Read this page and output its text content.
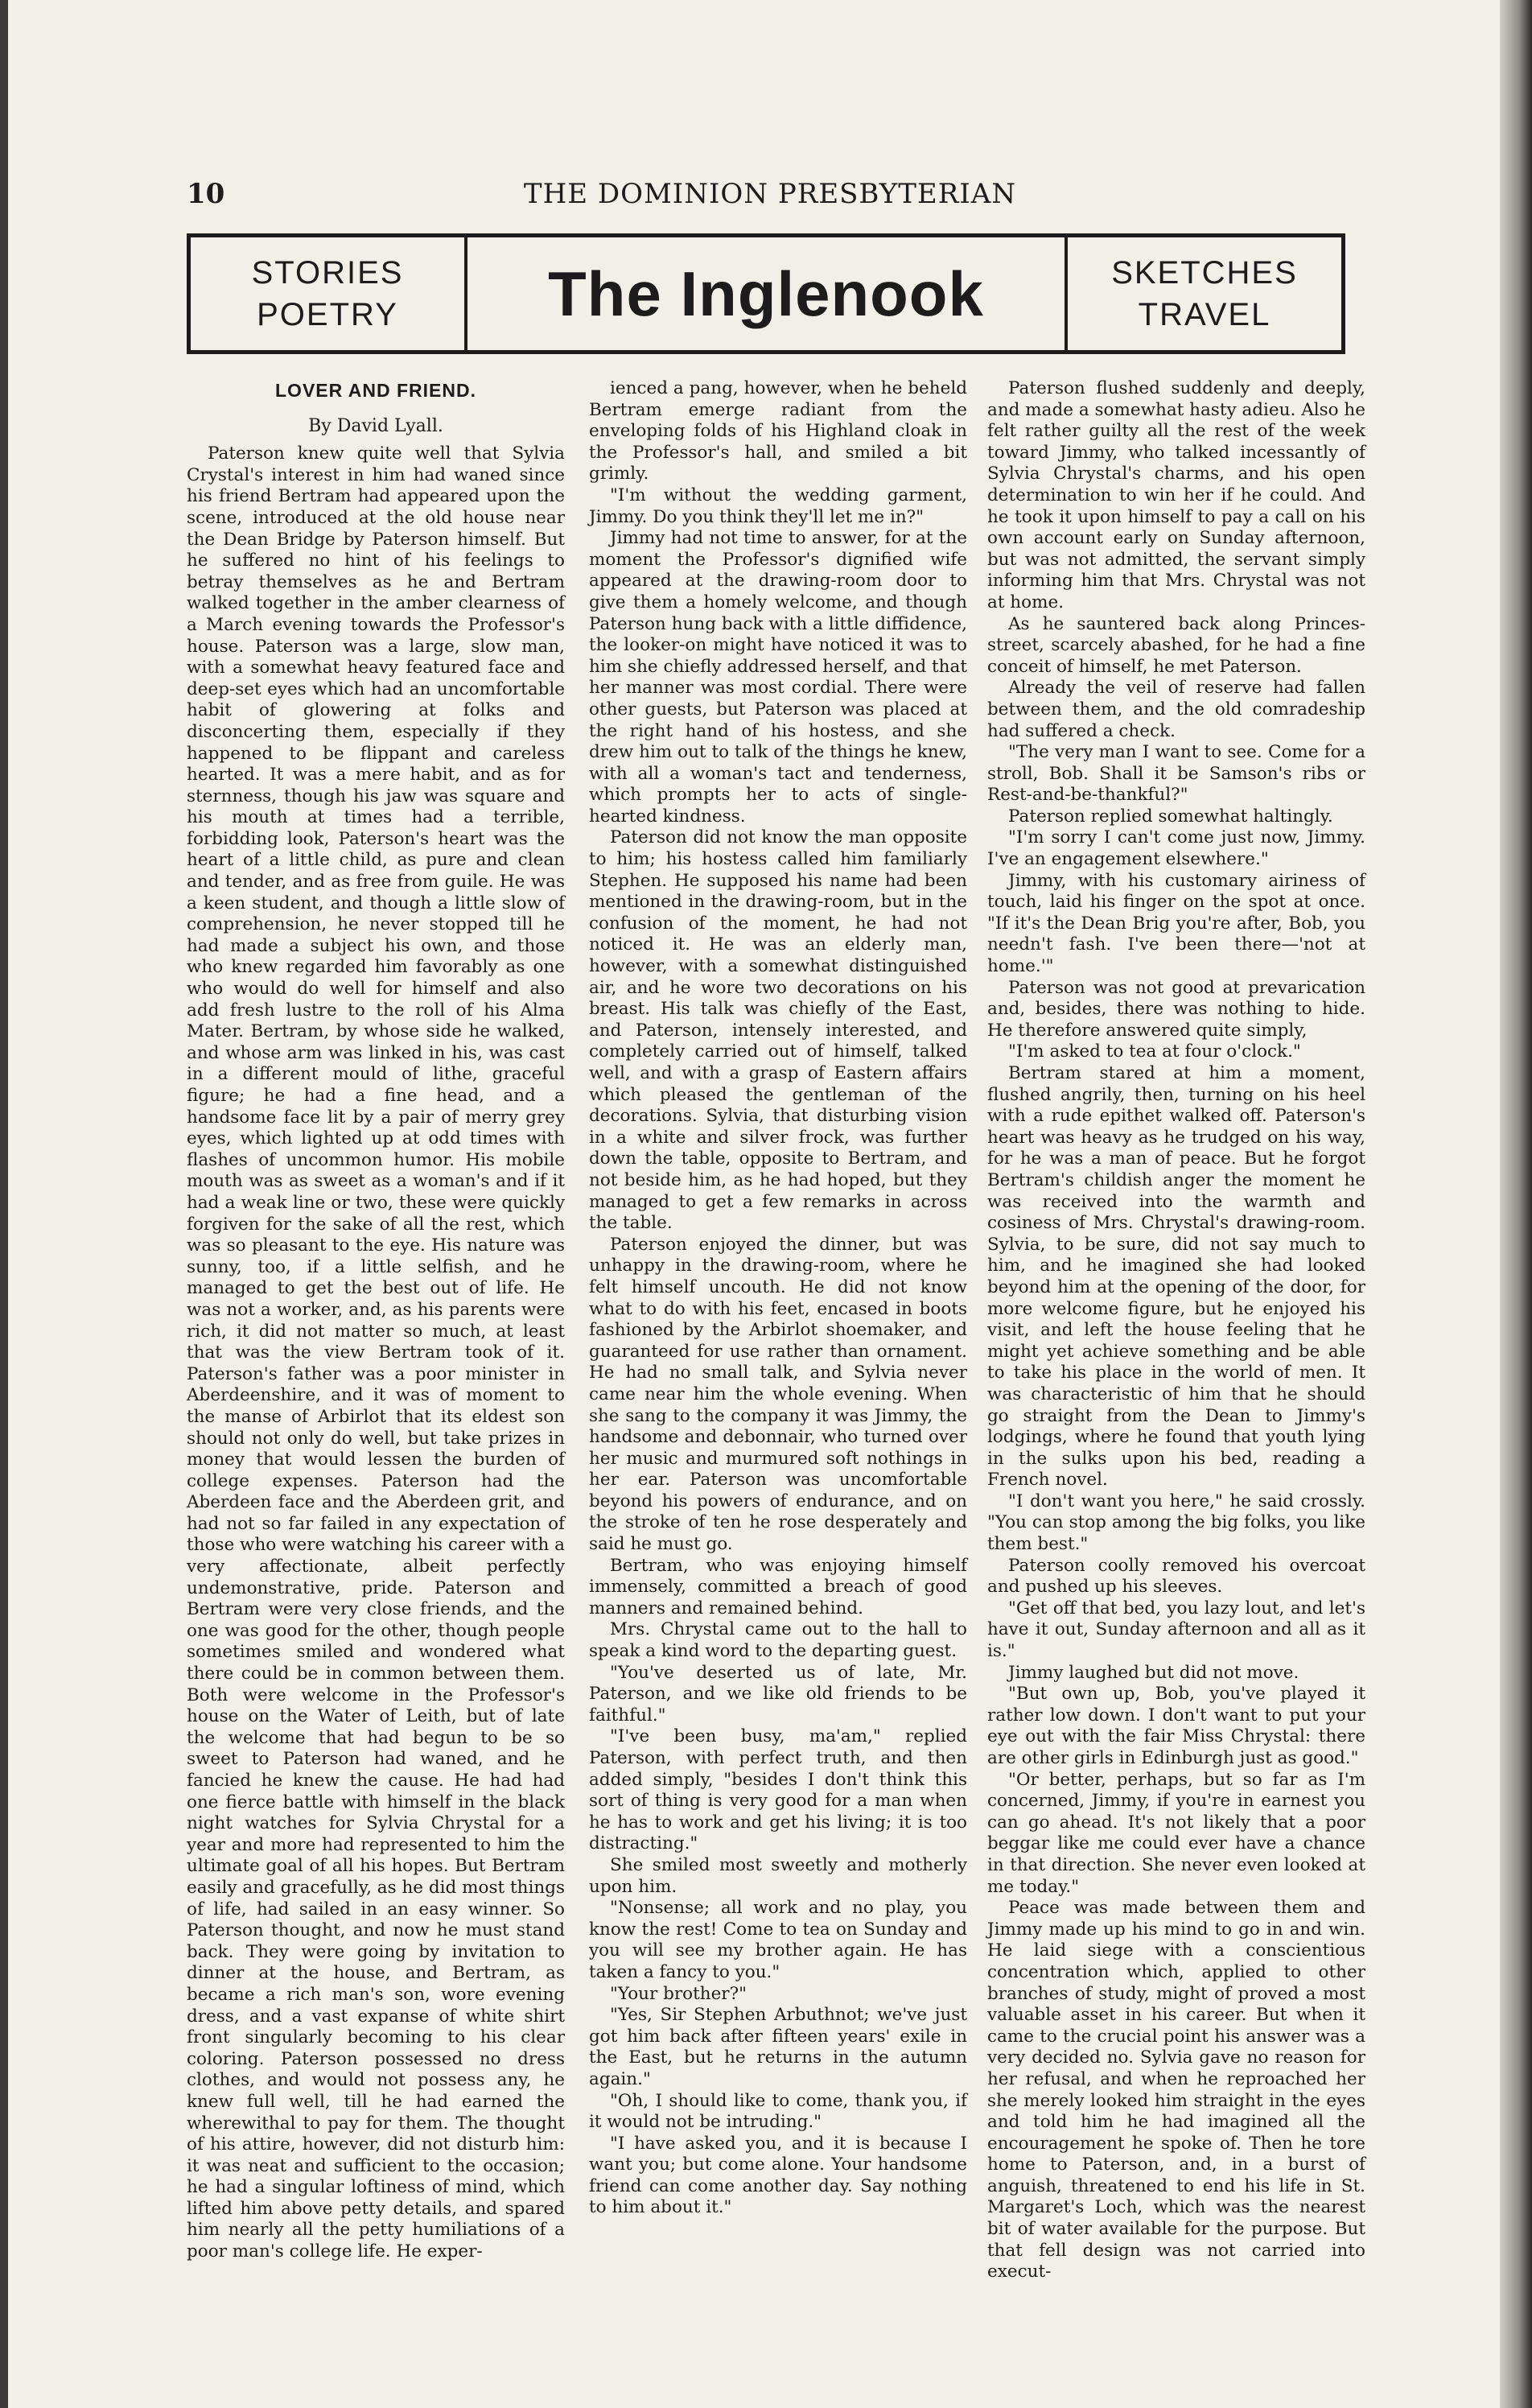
10	THE DOMINION PRESBYTERIAN
STORIES
POETRY	The Inglenook	SKETCHES
TRAVEL
LOVER AND FRIEND.
By David Lyall.

Paterson knew quite well that Sylvia Crystal's interest in him had waned since his friend Bertram had appeared upon the scene, introduced at the old house near the Dean Bridge by Paterson himself. But he suffered no hint of his feelings to betray themselves as he and Bertram walked together in the amber clearness of a March evening towards the Professor's house. Paterson was a large, slow man, with a somewhat heavy featured face and deep-set eyes which had an uncomfortable habit of glowering at folks and disconcerting them, especially if they happened to be flippant and careless hearted. It was a mere habit, and as for sternness, though his jaw was square and his mouth at times had a terrible, forbidding look, Paterson's heart was the heart of a little child, as pure and clean and tender, and as free from guile. He was a keen student, and though a little slow of comprehension, he never stopped till he had made a subject his own, and those who knew regarded him favorably as one who would do well for himself and also add fresh lustre to the roll of his Alma Mater. Bertram, by whose side he walked, and whose arm was linked in his, was cast in a different mould of lithe, graceful figure; he had a fine head, and a handsome face lit by a pair of merry grey eyes, which lighted up at odd times with flashes of uncommon humor. His mobile mouth was as sweet as a woman's and if it had a weak line or two, these were quickly forgiven for the sake of all the rest, which was so pleasant to the eye. His nature was sunny, too, if a little selfish, and he managed to get the best out of life. He was not a worker, and, as his parents were rich, it did not matter so much, at least that was the view Bertram took of it. Paterson's father was a poor minister in Aberdeenshire, and it was of moment to the manse of Arbirlot that its eldest son should not only do well, but take prizes in money that would lessen the burden of college expenses. Paterson had the Aberdeen face and the Aberdeen grit, and had not so far failed in any expectation of those who were watching his career with a very affectionate, albeit perfectly undemonstrative, pride. Paterson and Bertram were very close friends, and the one was good for the other, though people sometimes smiled and wondered what there could be in common between them. Both were welcome in the Professor's house on the Water of Leith, but of late the welcome that had begun to be so sweet to Paterson had waned, and he fancied he knew the cause. He had had one fierce battle with himself in the black night watches for Sylvia Chrystal for a year and more had represented to him the ultimate goal of all his hopes. But Bertram easily and gracefully, as he did most things of life, had sailed in an easy winner. So Paterson thought, and now he must stand back. They were going by invitation to dinner at the house, and Bertram, as became a rich man's son, wore evening dress, and a vast expanse of white shirt front singularly becoming to his clear coloring. Paterson possessed no dress clothes, and would not possess any, he knew full well, till he had earned the wherewithal to pay for them. The thought of his attire, however, did not disturb him: it was neat and sufficient to the occasion; he had a singular loftiness of mind, which lifted him above petty details, and spared him nearly all the petty humiliations of a poor man's college life. He exper-

ienced a pang, however, when he beheld Bertram emerge radiant from the enveloping folds of his Highland cloak in the Professor's hall, and smiled a bit grimly.

"I'm without the wedding garment, Jimmy. Do you think they'll let me in?"

Jimmy had not time to answer, for at the moment the Professor's dignified wife appeared at the drawing-room door to give them a homely welcome, and though Paterson hung back with a little diffidence, the looker-on might have noticed it was to him she chiefly addressed herself, and that her manner was most cordial. There were other guests, but Paterson was placed at the right hand of his hostess, and she drew him out to talk of the things he knew, with all a woman's tact and tenderness, which prompts her to acts of single-hearted kindness.

Paterson did not know the man opposite to him; his hostess called him familiarly Stephen. He supposed his name had been mentioned in the drawing-room, but in the confusion of the moment, he had not noticed it. He was an elderly man, however, with a somewhat distinguished air, and he wore two decorations on his breast. His talk was chiefly of the East, and Paterson, intensely interested, and completely carried out of himself, talked well, and with a grasp of Eastern affairs which pleased the gentleman of the decorations. Sylvia, that disturbing vision in a white and silver frock, was further down the table, opposite to Bertram, and not beside him, as he had hoped, but they managed to get a few remarks in across the table.

Paterson enjoyed the dinner, but was unhappy in the drawing-room, where he felt himself uncouth. He did not know what to do with his feet, encased in boots fashioned by the Arbirlot shoemaker, and guaranteed for use rather than ornament. He had no small talk, and Sylvia never came near him the whole evening. When she sang to the company it was Jimmy, the handsome and debonnair, who turned over her music and murmured soft nothings in her ear. Paterson was uncomfortable beyond his powers of endurance, and on the stroke of ten he rose desperately and said he must go.

Bertram, who was enjoying himself immensely, committed a breach of good manners and remained behind.

Mrs. Chrystal came out to the hall to speak a kind word to the departing guest.

"You've deserted us of late, Mr. Paterson, and we like old friends to be faithful."

"I've been busy, ma'am," replied Paterson, with perfect truth, and then added simply, "besides I don't think this sort of thing is very good for a man when he has to work and get his living; it is too distracting."

She smiled most sweetly and motherly upon him.

"Nonsense; all work and no play, you know the rest! Come to tea on Sunday and you will see my brother again. He has taken a fancy to you."

"Your brother?"

"Yes, Sir Stephen Arbuthnot; we've just got him back after fifteen years' exile in the East, but he returns in the autumn again."

"Oh, I should like to come, thank you, if it would not be intruding."

"I have asked you, and it is because I want you; but come alone. Your handsome friend can come another day. Say nothing to him about it."

Paterson flushed suddenly and deeply, and made a somewhat hasty adieu. Also he felt rather guilty all the rest of the week toward Jimmy, who talked incessantly of Sylvia Chrystal's charms, and his open determination to win her if he could. And he took it upon himself to pay a call on his own account early on Sunday afternoon, but was not admitted, the servant simply informing him that Mrs. Chrystal was not at home.

As he sauntered back along Princes-street, scarcely abashed, for he had a fine conceit of himself, he met Paterson.

Already the veil of reserve had fallen between them, and the old comradeship had suffered a check.

"The very man I want to see. Come for a stroll, Bob. Shall it be Samson's ribs or Rest-and-be-thankful?"

Paterson replied somewhat haltingly.

"I'm sorry I can't come just now, Jimmy. I've an engagement elsewhere."

Jimmy, with his customary airiness of touch, laid his finger on the spot at once. "If it's the Dean Brig you're after, Bob, you needn't fash. I've been there—'not at home.'"

Paterson was not good at prevarication and, besides, there was nothing to hide. He therefore answered quite simply,

"I'm asked to tea at four o'clock."

Bertram stared at him a moment, flushed angrily, then, turning on his heel with a rude epithet walked off. Paterson's heart was heavy as he trudged on his way, for he was a man of peace. But he forgot Bertram's childish anger the moment he was received into the warmth and cosiness of Mrs. Chrystal's drawing-room. Sylvia, to be sure, did not say much to him, and he imagined she had looked beyond him at the opening of the door, for more welcome figure, but he enjoyed his visit, and left the house feeling that he might yet achieve something and be able to take his place in the world of men. It was characteristic of him that he should go straight from the Dean to Jimmy's lodgings, where he found that youth lying in the sulks upon his bed, reading a French novel.

"I don't want you here," he said crossly. "You can stop among the big folks, you like them best."

Paterson coolly removed his overcoat and pushed up his sleeves.

"Get off that bed, you lazy lout, and let's have it out, Sunday afternoon and all as it is."

Jimmy laughed but did not move.

"But own up, Bob, you've played it rather low down. I don't want to put your eye out with the fair Miss Chrystal: there are other girls in Edinburgh just as good."

"Or better, perhaps, but so far as I'm concerned, Jimmy, if you're in earnest you can go ahead. It's not likely that a poor beggar like me could ever have a chance in that direction. She never even looked at me today."

Peace was made between them and Jimmy made up his mind to go in and win. He laid siege with a conscientious concentration which, applied to other branches of study, might of proved a most valuable asset in his career. But when it came to the crucial point his answer was a very decided no. Sylvia gave no reason for her refusal, and when he reproached her she merely looked him straight in the eyes and told him he had imagined all the encouragement he spoke of. Then he tore home to Paterson, and, in a burst of anguish, threatened to end his life in St. Margaret's Loch, which was the nearest bit of water available for the purpose. But that fell design was not carried into execut-
